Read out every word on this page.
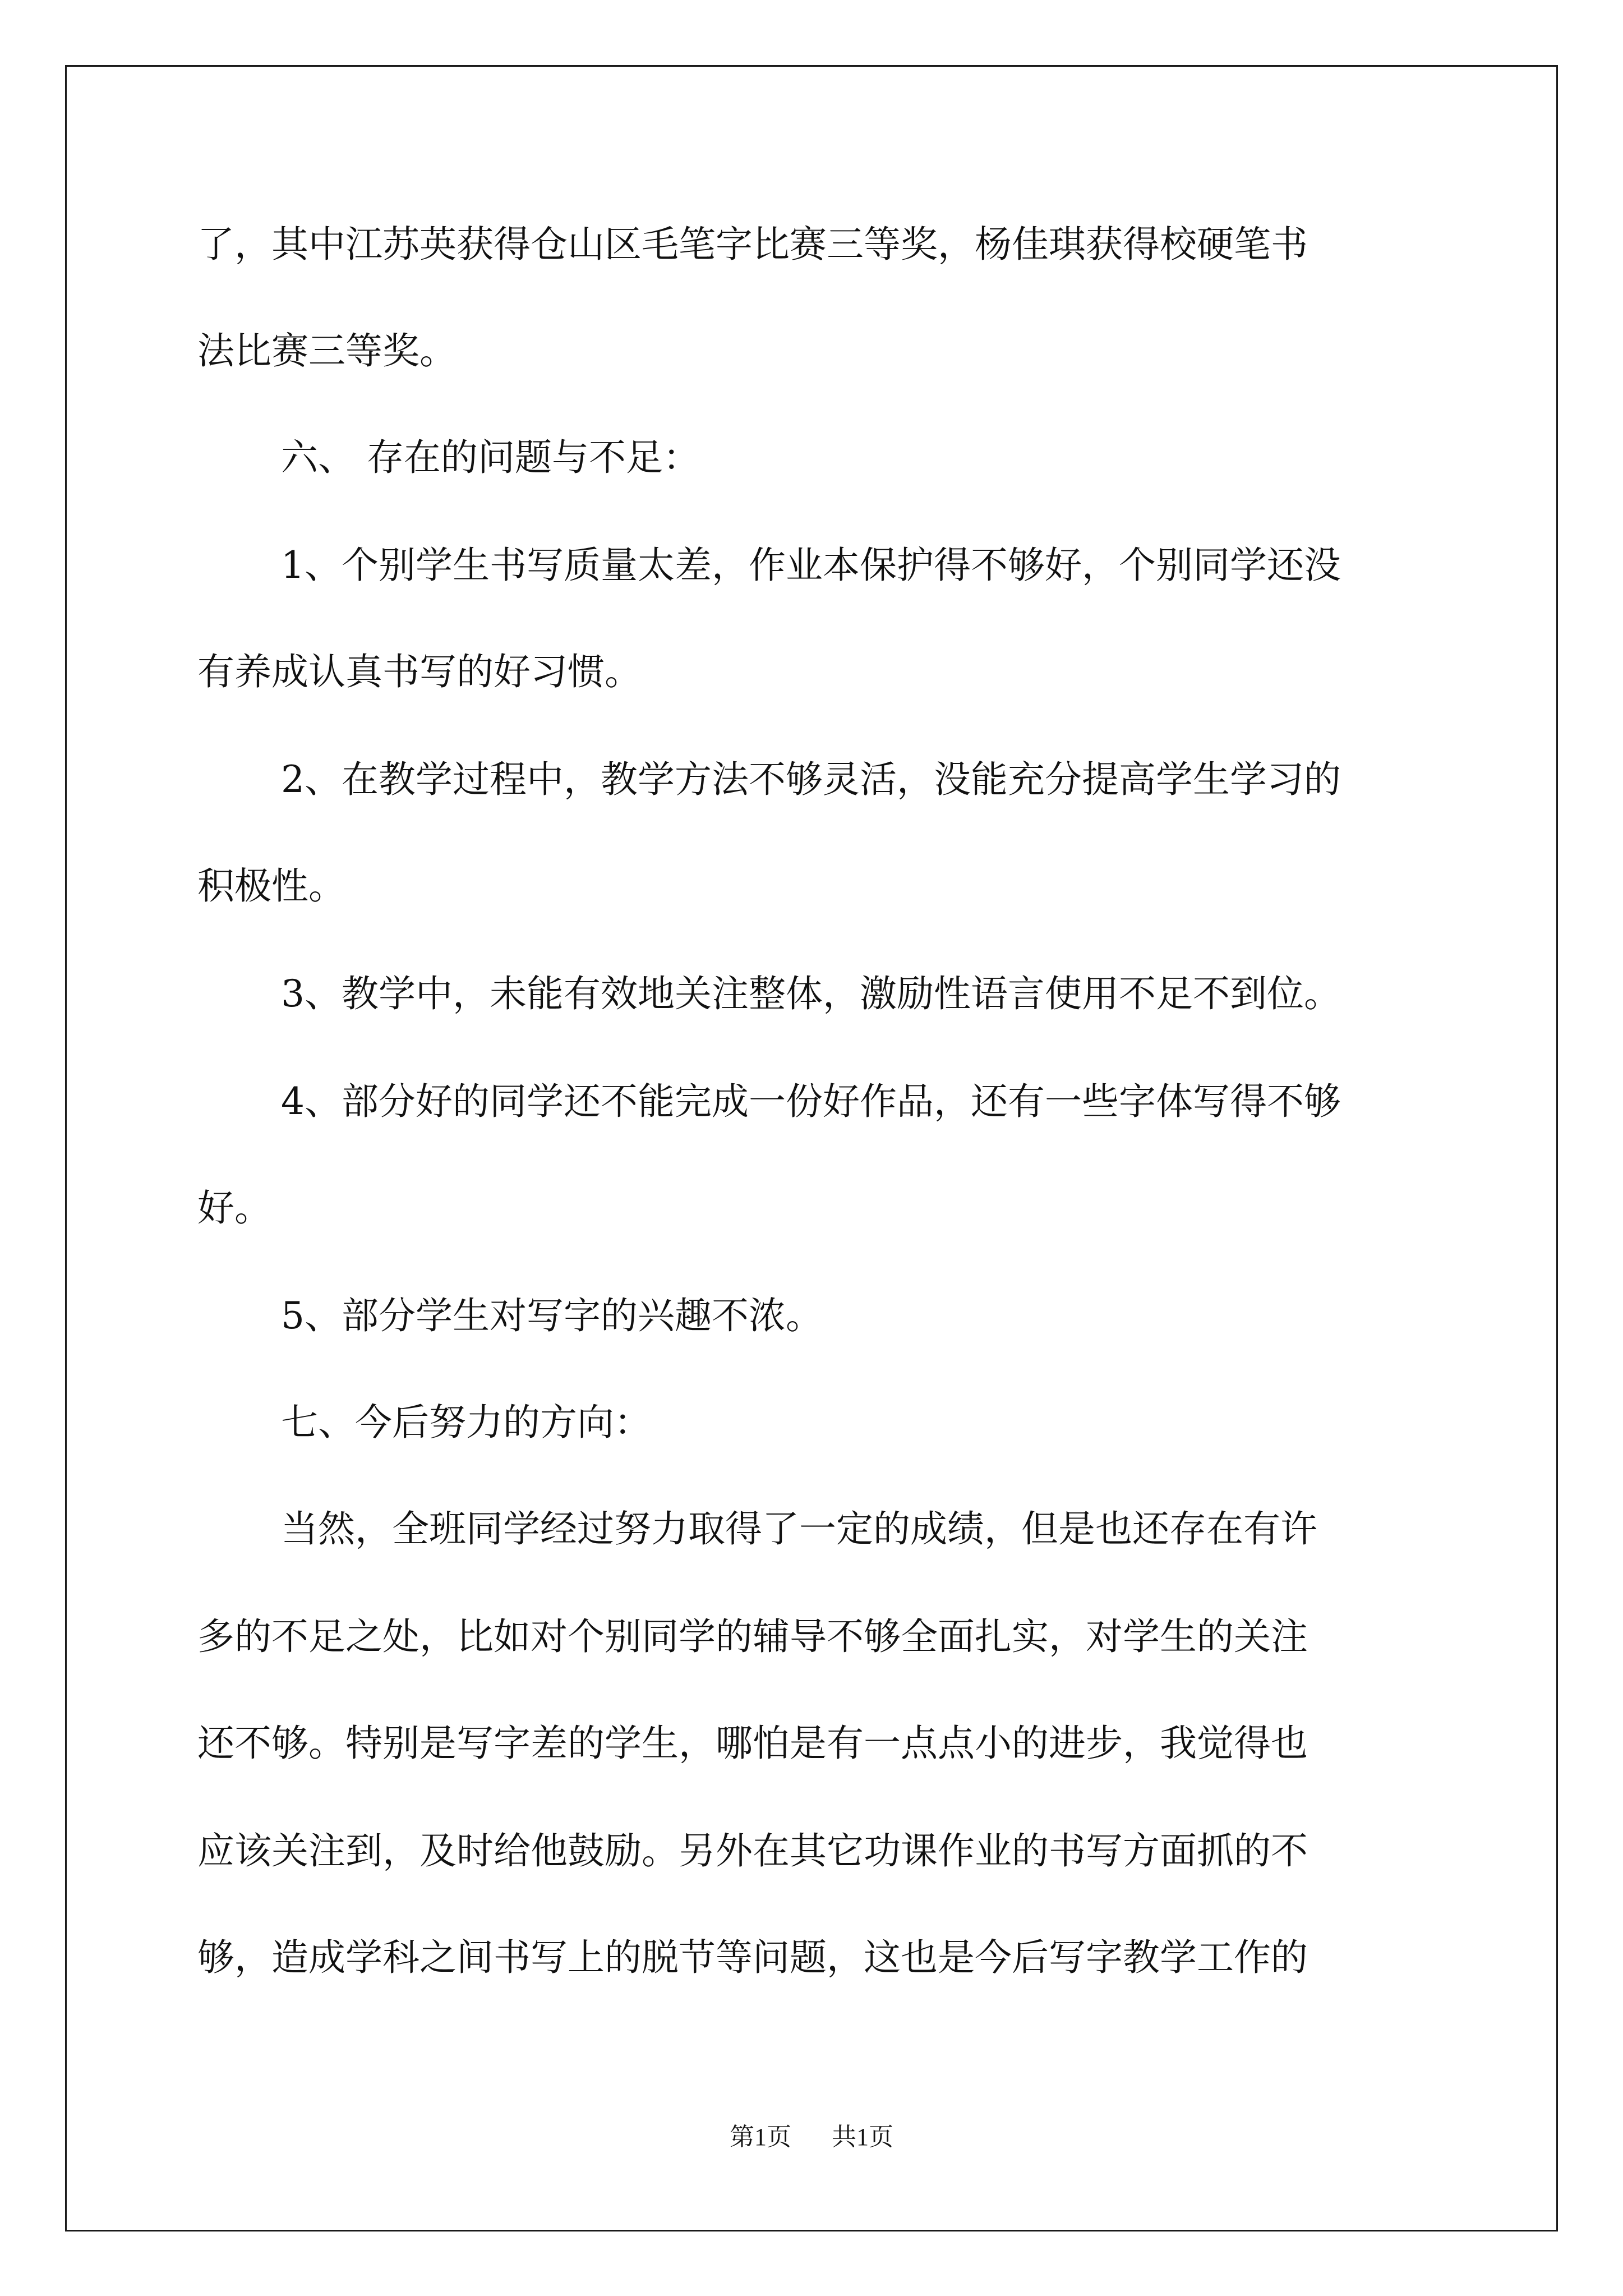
了，其中江苏英获得仓山区毛笔字比赛三等奖，杨佳琪获得校硬笔书
法比赛三等奖。
六、 存在的问题与不足：
1、个别学生书写质量太差，作业本保护得不够好，个别同学还没
有养成认真书写的好习惯。
2、在教学过程中，教学方法不够灵活，没能充分提高学生学习的
积极性。
3、教学中，未能有效地关注整体，激励性语言使用不足不到位。
4、部分好的同学还不能完成一份好作品，还有一些字体写得不够
好。
5、部分学生对写字的兴趣不浓。
七、今后努力的方向：
当然，全班同学经过努力取得了一定的成绩，但是也还存在有许
多的不足之处，比如对个别同学的辅导不够全面扎实，对学生的关注
还不够。特别是写字差的学生，哪怕是有一点点小的进步，我觉得也
应该关注到，及时给他鼓励。另外在其它功课作业的书写方面抓的不
够，造成学科之间书写上的脱节等问题，这也是今后写字教学工作的
第1页 共1页
